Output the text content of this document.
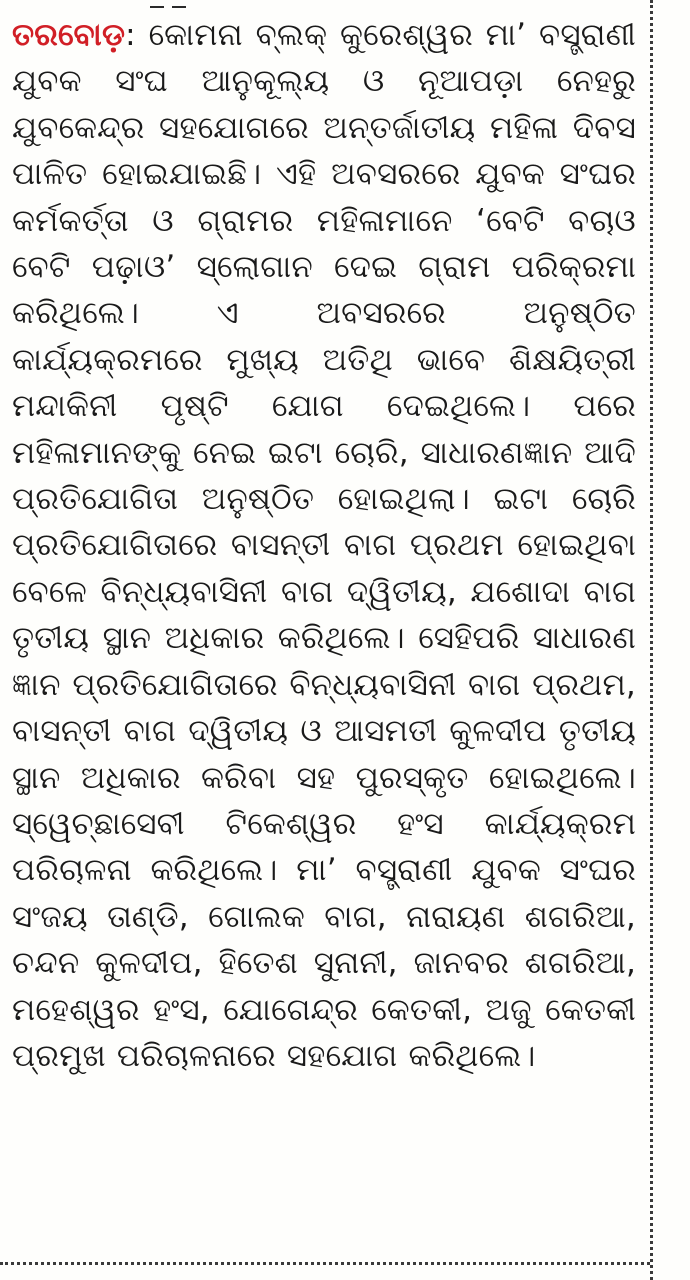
ତରବୋଡ଼: କୋମନା ବ୍ଲକ୍ କୁରେଶ୍ୱର ମା’ ବସ୍ତ୍ରାଣୀ ଯୁବକ ସଂଘ ଆନୁକୂଲ୍ୟ ଓ ନୂଆପଡ଼ା ନେହରୁ ଯୁବକେନ୍ଦ୍ର ସହଯୋଗରେ ଅନ୍ତର୍ଜାତୀୟ ମହିଳା ଦିବସ ପାଳିତ ହୋଇଯାଇଛି। ଏହି ଅବସରରେ ଯୁବକ ସଂଘର କର୍ମକର୍ତ୍ତା ଓ ଗ୍ରାମର ମହିଳାମାନେ ‘ବେଟି ବଚାଓ ବେଟି ପଢ଼ାଓ’ ସ୍ଲୋଗାନ ଦେଇ ଗ୍ରାମ ପରିକ୍ରମା କରିଥିଲେ। ଏ ଅବସରରେ ଅନୁଷ୍ଠିତ କାର୍ଯ୍ୟକ୍ରମରେ ମୁଖ୍ୟ ଅତିଥି ଭାବେ ଶିକ୍ଷୟିତ୍ରୀ ମନ୍ଦାକିନୀ ପୃଷ୍ଟି ଯୋଗ ଦେଇଥିଲେ। ପରେ ମହିଳାମାନଙ୍କୁ ନେଇ ଇଟା ଚୋରି, ସାଧାରଣଜ୍ଞାନ ଆଦି ପ୍ରତିଯୋଗିତା ଅନୁଷ୍ଠିତ ହୋଇଥିଲା। ଇଟା ଚୋରି ପ୍ରତିଯୋଗିତାରେ ବାସନ୍ତୀ ବାଗ ପ୍ରଥମ ହୋଇଥିବା ବେଳେ ବିନ୍ଧ୍ୟବାସିନୀ ବାଗ ଦ୍ୱିତୀୟ, ଯଶୋଦା ବାଗ ତୃତୀୟ ସ୍ଥାନ ଅଧିକାର କରିଥିଲେ। ସେହିପରି ସାଧାରଣ ଜ୍ଞାନ ପ୍ରତିଯୋଗିତାରେ ବିନ୍ଧ୍ୟବାସିନୀ ବାଗ ପ୍ରଥମ, ବାସନ୍ତୀ ବାଗ ଦ୍ୱିତୀୟ ଓ ଆସମତୀ କୁଳଦୀପ ତୃତୀୟ ସ୍ଥାନ ଅଧିକାର କରିବା ସହ ପୁରସ୍କୃତ ହୋଇଥିଲେ। ସ୍ୱେଚ୍ଛାସେବୀ ଟିକେଶ୍ୱର ହଂସ କାର୍ଯ୍ୟକ୍ରମ ପରିଚାଳନା କରିଥିଲେ। ମା’ ବସ୍ତ୍ରାଣୀ ଯୁବକ ସଂଘର ସଂଜୟ ତାଣ୍ଡି, ଗୋଲକ ବାଗ, ନାରାୟଣ ଶଗରିଆ, ଚନ୍ଦନ କୁଳଦୀପ, ହିତେଶ ସୁନାନୀ, ଜାନବର ଶଗରିଆ, ମହେଶ୍ୱର ହଂସ, ଯୋଗେନ୍ଦ୍ର କେତକୀ, ଅଜୁ କେତକୀ ପ୍ରମୁଖ ପରିଚାଳନାରେ ସହଯୋଗ କରିଥିଲେ।
